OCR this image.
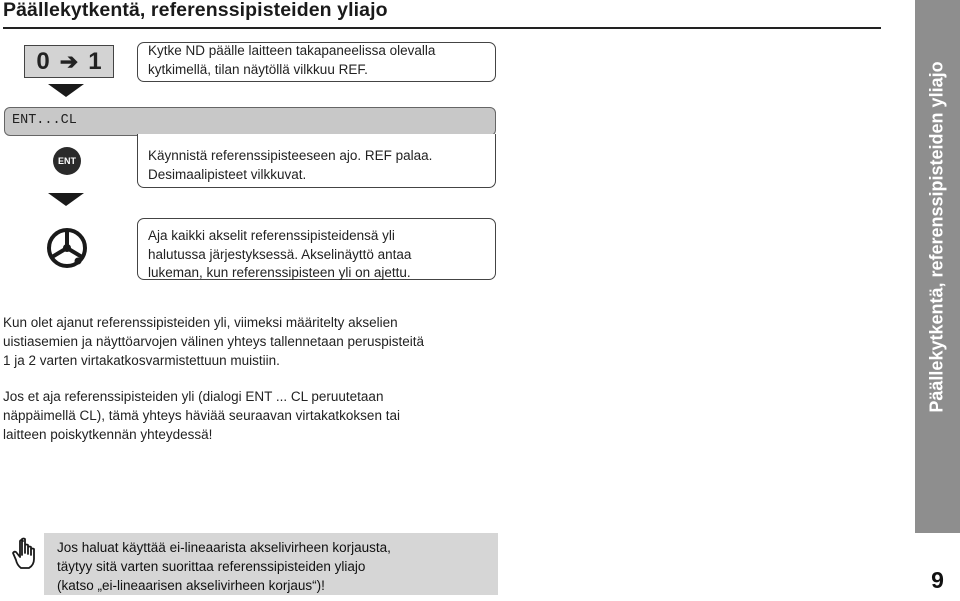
Päällekytkentä, referenssipisteiden yliajo
Päällekytkentä, referenssipisteiden yliajo
9
0 ➔ 1	Kytke ND päälle laitteen takapaneelissa olevalla
kytkimellä, tilan näytöllä vilkkuu REF.
ENT...CL
ENT	Käynnistä referenssipisteeseen ajo. REF palaa.
Desimaalipisteet vilkkuvat.
Aja kaikki akselit referenssipisteidensä yli
halutussa järjestyksessä. Akselinäyttö antaa
lukeman, kun referenssipisteen yli on ajettu.
Kun olet ajanut referenssipisteiden yli, viimeksi määritelty akselien
uistiasemien ja näyttöarvojen välinen yhteys tallennetaan peruspisteitä
1 ja 2 varten virtakatkosvarmistettuun muistiin.
Jos et aja referenssipisteiden yli (dialogi ENT ... CL peruutetaan
näppäimellä CL), tämä yhteys häviää seuraavan virtakatkoksen tai
laitteen poiskytkennän yhteydessä!
Jos haluat käyttää ei-lineaarista akselivirheen korjausta,
täytyy sitä varten suorittaa referenssipisteiden yliajo
(katso „ei-lineaarisen akselivirheen korjaus“)!
